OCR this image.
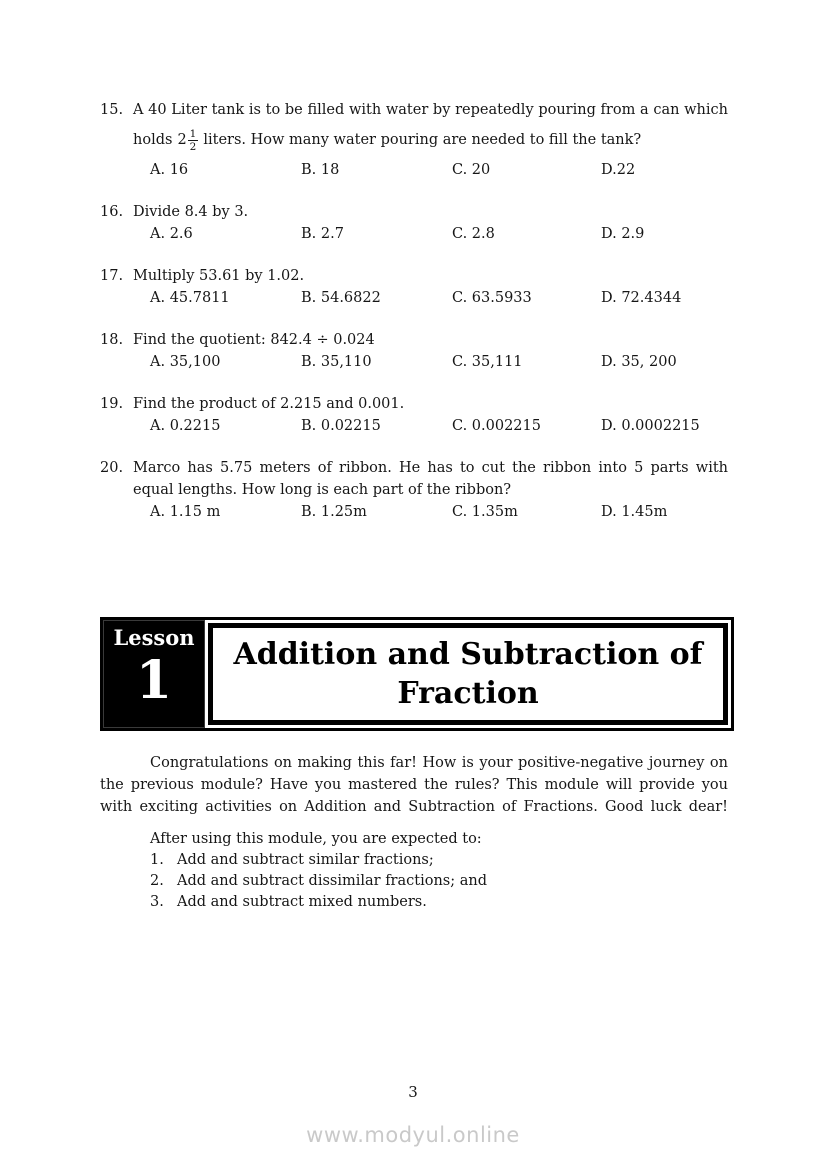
15. A 40 Liter tank is to be filled with water by repeatedly pouring from a can which
holds $2 \frac{1}{2}$ liters. How many water pouring are needed to fill the tank?
A. 16	B. 18	C. 20	D.22
16. Divide 8.4 by 3.
A. 2.6	B. 2.7	C. 2.8	D. 2.9
17. Multiply 53.61 by 1.02.
A. 45.7811	B. 54.6822	C. 63.5933	D. 72.4344
18. Find the quotient: 842.4 ÷ 0.024
A. 35,100	B. 35,110	C. 35,111	D. 35, 200
19. Find the product of 2.215 and 0.001.
A. 0.2215	B. 0.02215	C. 0.002215	D. 0.0002215
20. Marco has 5.75 meters of ribbon. He has to cut the ribbon into 5 parts with
equal lengths. How long is each part of the ribbon?
A. 1.15 m	B. 1.25m	C. 1.35m	D. 1.45m
Lesson
1 Addition and Subtraction of
Fraction
Congratulations on making this far! How is your positive-negative journey on
the previous module? Have you mastered the rules? This module will provide you
with exciting activities on Addition and Subtraction of Fractions. Good luck dear!
After using this module, you are expected to:
1. Add and subtract similar fractions;
2. Add and subtract dissimilar fractions; and
3. Add and subtract mixed numbers.
3
www.modyul.online
